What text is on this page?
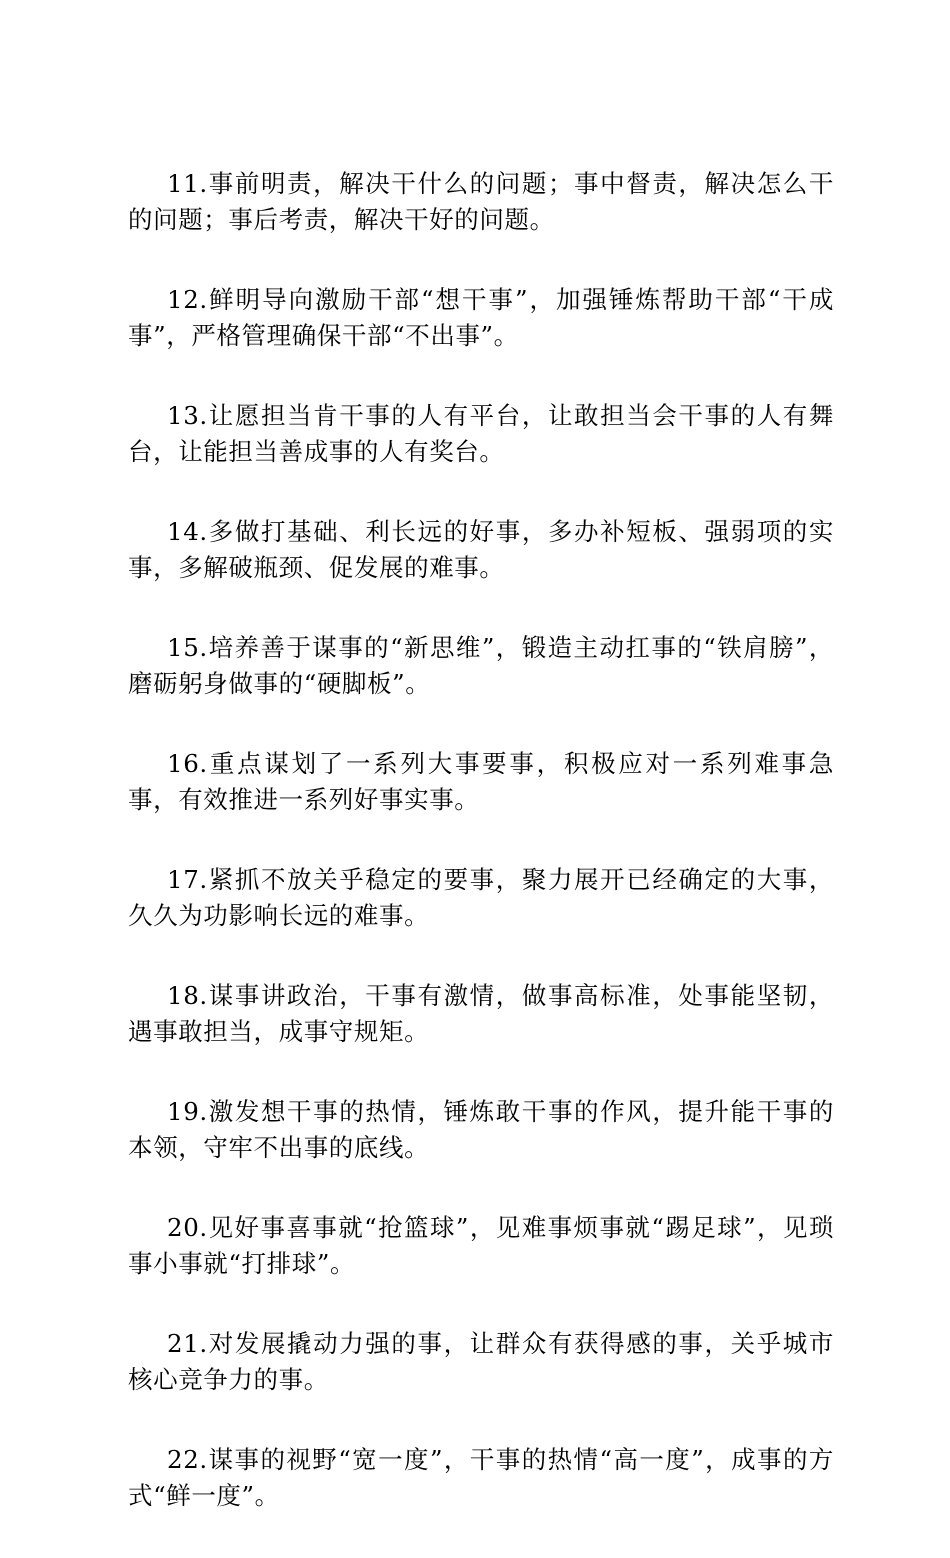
11.事前明责，解决干什么的问题；事中督责，解决怎么干的问题；事后考责，解决干好的问题。

12.鲜明导向激励干部“想干事”，加强锤炼帮助干部“干成事”，严格管理确保干部“不出事”。

13.让愿担当肯干事的人有平台，让敢担当会干事的人有舞台，让能担当善成事的人有奖台。

14.多做打基础、利长远的好事，多办补短板、强弱项的实事，多解破瓶颈、促发展的难事。

15.培养善于谋事的“新思维”，锻造主动扛事的“铁肩膀”，磨砺躬身做事的“硬脚板”。

16.重点谋划了一系列大事要事，积极应对一系列难事急事，有效推进一系列好事实事。

17.紧抓不放关乎稳定的要事，聚力展开已经确定的大事，久久为功影响长远的难事。

18.谋事讲政治，干事有激情，做事高标准，处事能坚韧，遇事敢担当，成事守规矩。

19.激发想干事的热情，锤炼敢干事的作风，提升能干事的本领，守牢不出事的底线。

20.见好事喜事就“抢篮球”，见难事烦事就“踢足球”，见琐事小事就“打排球”。

21.对发展撬动力强的事，让群众有获得感的事，关乎城市核心竞争力的事。

22.谋事的视野“宽一度”，干事的热情“高一度”，成事的方式“鲜一度”。
